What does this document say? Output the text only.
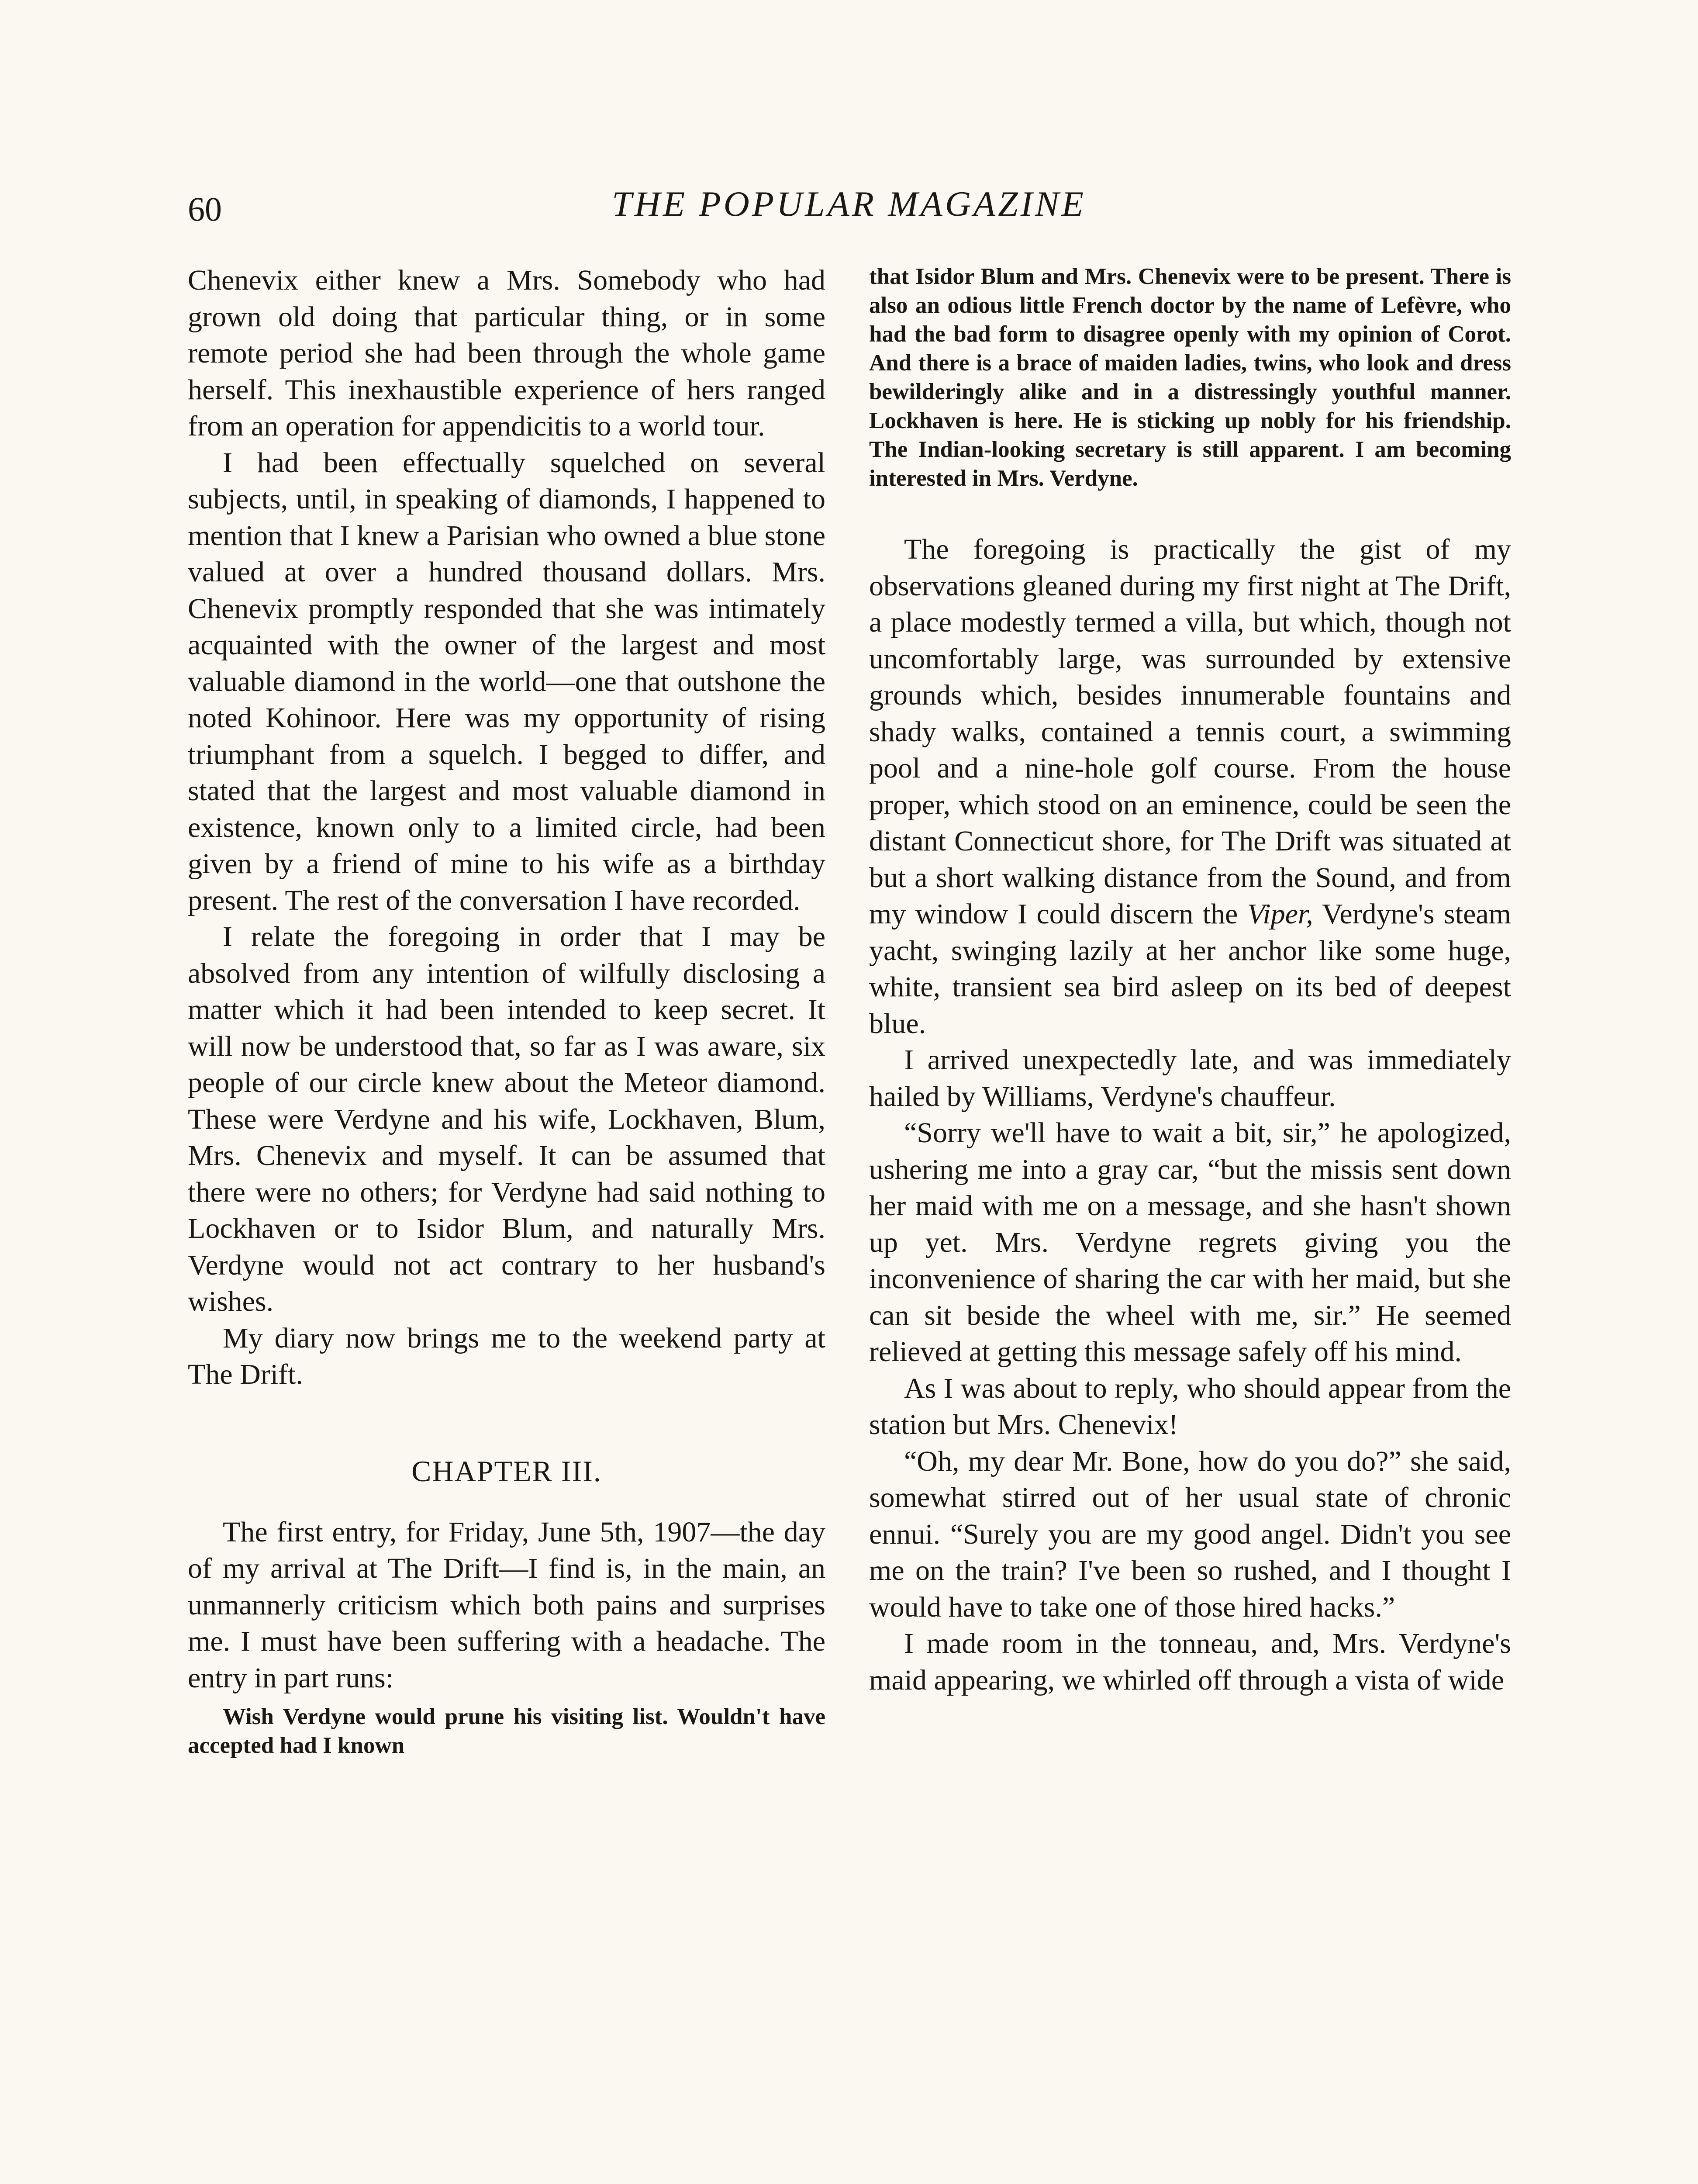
60	THE POPULAR MAGAZINE

Chenevix either knew a Mrs. Somebody who had grown old doing that particular thing, or in some remote period she had been through the whole game herself. This inexhaustible experience of hers ranged from an operation for appendicitis to a world tour.

I had been effectually squelched on several subjects, until, in speaking of diamonds, I happened to mention that I knew a Parisian who owned a blue stone valued at over a hundred thousand dollars. Mrs. Chenevix promptly responded that she was intimately acquainted with the owner of the largest and most valuable diamond in the world—one that outshone the noted Kohinoor. Here was my opportunity of rising triumphant from a squelch. I begged to differ, and stated that the largest and most valuable diamond in existence, known only to a limited circle, had been given by a friend of mine to his wife as a birthday present. The rest of the conversation I have recorded.

I relate the foregoing in order that I may be absolved from any intention of wilfully disclosing a matter which it had been intended to keep secret. It will now be understood that, so far as I was aware, six people of our circle knew about the Meteor diamond. These were Verdyne and his wife, Lockhaven, Blum, Mrs. Chenevix and myself. It can be assumed that there were no others; for Verdyne had said nothing to Lockhaven or to Isidor Blum, and naturally Mrs. Verdyne would not act contrary to her husband's wishes.

My diary now brings me to the weekend party at The Drift.

CHAPTER III.

The first entry, for Friday, June 5th, 1907—the day of my arrival at The Drift—I find is, in the main, an unmannerly criticism which both pains and surprises me. I must have been suffering with a headache. The entry in part runs:

Wish Verdyne would prune his visiting list. Wouldn't have accepted had I known

that Isidor Blum and Mrs. Chenevix were to be present. There is also an odious little French doctor by the name of Lefèvre, who had the bad form to disagree openly with my opinion of Corot. And there is a brace of maiden ladies, twins, who look and dress bewilderingly alike and in a distressingly youthful manner. Lockhaven is here. He is sticking up nobly for his friendship. The Indian-looking secretary is still apparent. I am becoming interested in Mrs. Verdyne.

The foregoing is practically the gist of my observations gleaned during my first night at The Drift, a place modestly termed a villa, but which, though not uncomfortably large, was surrounded by extensive grounds which, besides innumerable fountains and shady walks, contained a tennis court, a swimming pool and a nine-hole golf course. From the house proper, which stood on an eminence, could be seen the distant Connecticut shore, for The Drift was situated at but a short walking distance from the Sound, and from my window I could discern the Viper, Verdyne's steam yacht, swinging lazily at her anchor like some huge, white, transient sea bird asleep on its bed of deepest blue.

I arrived unexpectedly late, and was immediately hailed by Williams, Verdyne's chauffeur.

“Sorry we'll have to wait a bit, sir,” he apologized, ushering me into a gray car, “but the missis sent down her maid with me on a message, and she hasn't shown up yet. Mrs. Verdyne regrets giving you the inconvenience of sharing the car with her maid, but she can sit beside the wheel with me, sir.” He seemed relieved at getting this message safely off his mind.

As I was about to reply, who should appear from the station but Mrs. Chenevix!

“Oh, my dear Mr. Bone, how do you do?” she said, somewhat stirred out of her usual state of chronic ennui. “Surely you are my good angel. Didn't you see me on the train? I've been so rushed, and I thought I would have to take one of those hired hacks.”

I made room in the tonneau, and, Mrs. Verdyne's maid appearing, we whirled off through a vista of wide
